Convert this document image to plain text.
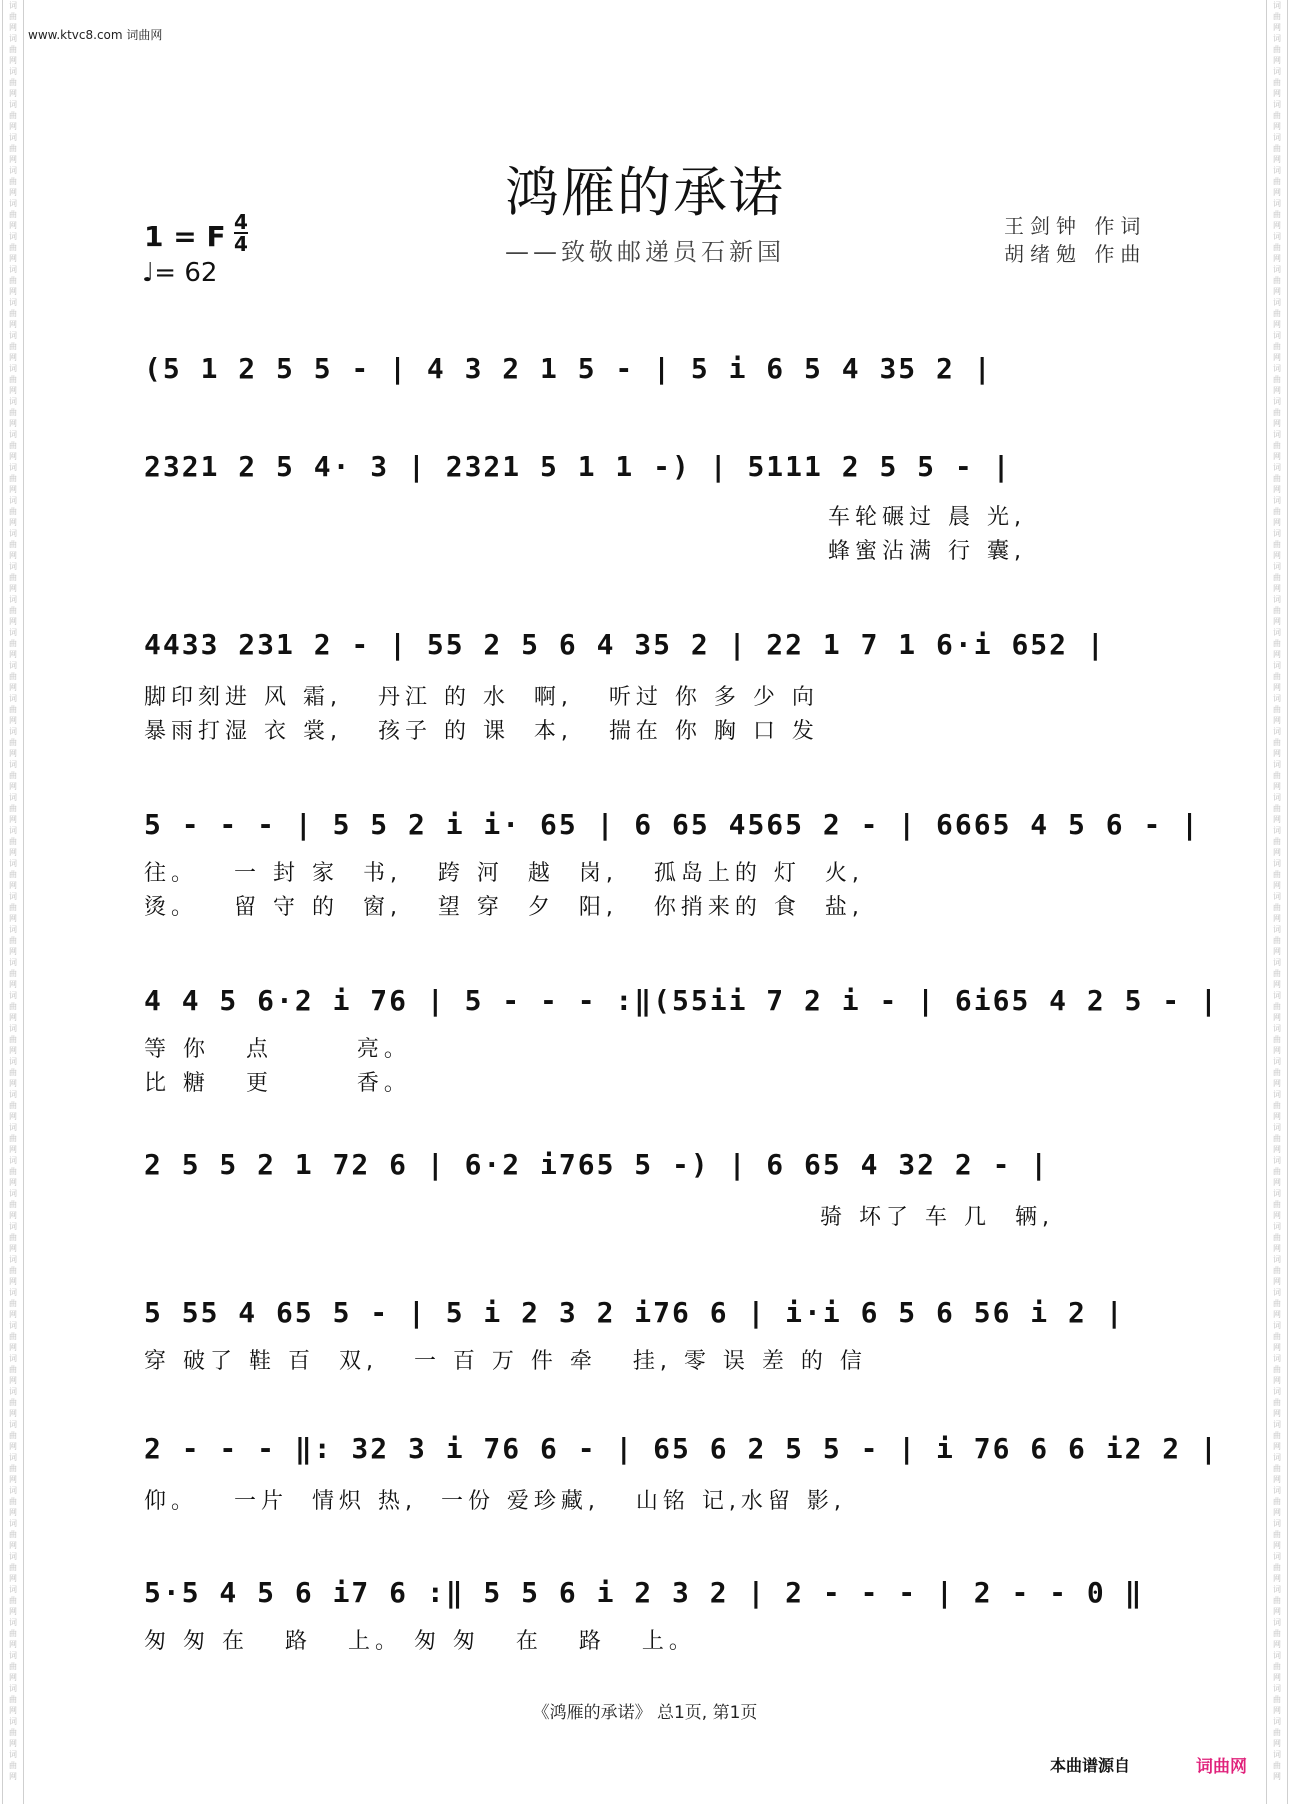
词
曲
网
词
曲
网
词
曲
网
词
曲
网
词
曲
网
词
曲
网
词
曲
网
词
曲
网
词
曲
网
词
曲
网
词
曲
网
词
曲
网
词
曲
网
词
曲
网
词
曲
网
词
曲
网
词
曲
网
词
曲
网
词
曲
网
词
曲
网
词
曲
网
词
曲
网
词
曲
网
词
曲
网
词
曲
网
词
曲
网
词
曲
网
词
曲
网
词
曲
网
词
曲
网
词
曲
网
词
曲
网
词
曲
网
词
曲
网
词
曲
网
词
曲
网
词
曲
网
词
曲
网
词
曲
网
词
曲
网
词
曲
网
词
曲
网
词
曲
网
词
曲
网
词
曲
网
词
曲
网
词
曲
网
词
曲
网
词
曲
网
词
曲
网
词
曲
网
词
曲
网
词
曲
网
词
曲
网
词
曲
网
词
曲
网
词
曲
网
词
曲
网
词
曲
网
词
曲
网
词
曲
网
词
曲
网
词
曲
网
词
曲
网
词
曲
网
词
曲
网
词
曲
网
词
曲
网
词
曲
网
词
曲
网
词
曲
网
词
曲
网
词
曲
网
词
曲
网
词
曲
网
词
曲
网
词
曲
网
词
曲
网
词
曲
网
词
曲
网
词
曲
网
词
曲
网
词
曲
网
词
曲
网
词
曲
网
词
曲
网
词
曲
网
词
曲
网
词
曲
网
词
曲
网
词
曲
网
词
曲
网
词
曲
网
词
曲
网
词
曲
网
词
曲
网
词
曲
网
词
曲
网
词
曲
网
词
曲
网
词
曲
网
词
曲
网
词
曲
网
词
曲
网
词
曲
网
词
曲
网
词
曲
网
词
曲
网
www.ktvc8.com 词曲网
鸿雁的承诺
——致敬邮递员石新国
王剑钟 作词
胡绪勉 作曲
1 = F 4
4
♩= 62
(5 1 2 5 5 - | 4 3 2 1 5 - | 5 i 6 5 4 35 2 |
2321 2 5 4· 3 | 2321 5 1 1 -) | 5111 2 5 5 - |
4433 231 2 - | 55 2 5 6 4 35 2 | 22 1 7 1 6·i 652 |
5 - - - | 5 5 2 i i· 65 | 6 65 4565 2 - | 6665 4 5 6 - |
4 4 5 6·2 i 76 | 5 - - - :‖(55ii 7 2 i - | 6i65 4 2 5 - |
2 5 5 2 1 72 6 | 6·2 i765 5 -) | 6 65 4 32 2 - |
5 55 4 65 5 - | 5 i 2 3 2 i76 6 | i·i 6 5 6 56 i 2 |
2 - - - ‖: 32 3 i 76 6 - | 65 6 2 5 5 - | i 76 6 6 i2 2 |
5·5 4 5 6 i7 6 :‖ 5 5 6 i 2 3 2 | 2 - - - | 2 - - 0 ‖
车轮碾过 晨 光,
蜂蜜沾满 行 囊,
脚印刻进 风 霜,   丹江 的 水  啊,   听过 你 多 少 向
暴雨打湿 衣 裳,   孩子 的 课  本,   揣在 你 胸 口 发
往。   一 封 家  书,   跨 河  越  岗,   孤岛上的 灯  火,
烫。   留 守 的  窗,   望 穿  夕  阳,   你捎来的 食  盐,
等 你   点       亮。
比 糖   更       香。
骑 坏了 车 几  辆,
穿 破了 鞋 百  双,   一 百 万 件 牵   挂, 零 误 差 的 信
仰。   一片  情炽 热,  一份 爱珍藏,   山铭 记,水留 影,
匆 匆 在   路   上。 匆 匆   在   路   上。
《鸿雁的承诺》 总1页, 第1页
本曲谱源自	词曲网
